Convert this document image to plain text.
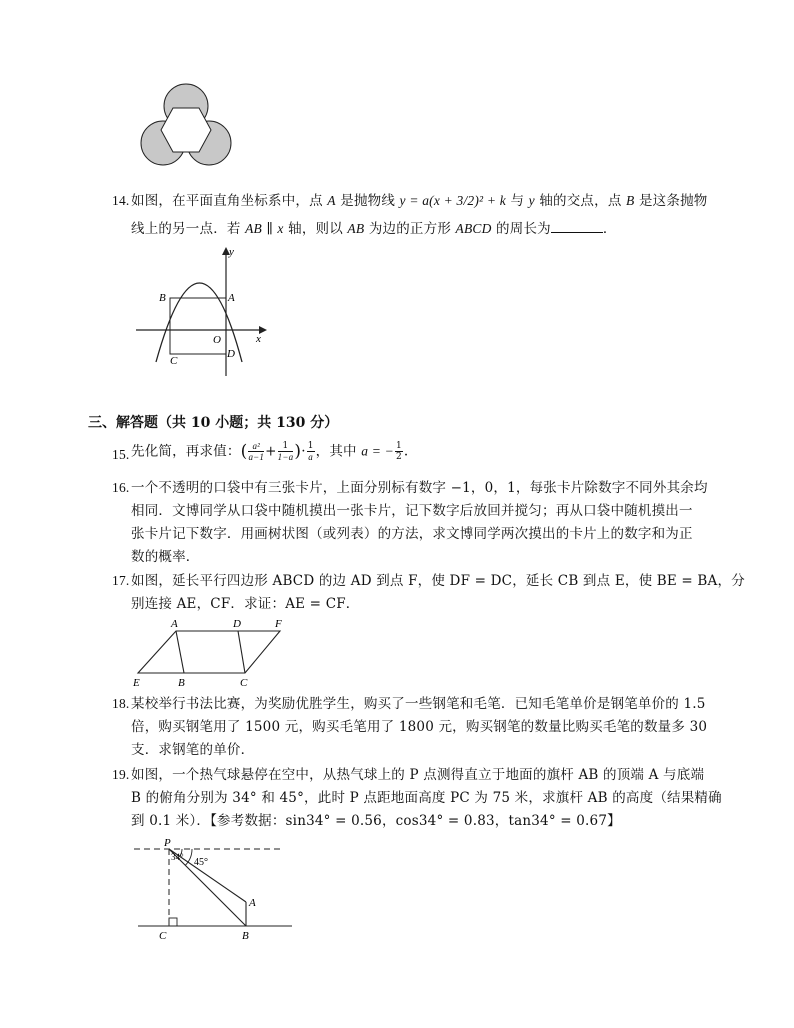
14. 如图，在平面直角坐标系中，点 A 是抛物线 y = a(x + 3/2)² + k 与 y 轴的交点，点 B 是这条抛物
线上的另一点．若 AB ∥ x 轴，则以 AB 为边的正方形 ABCD 的周长为	．
y
x
B	A
O
C
D
三、解答题（共 10 小题；共 130 分）
15. 先化简，再求值：( $\frac{\text{a²}}{a-1} + \frac{1}{1-a}$ )· $\frac{1}{a}$ ，其中 a = − $\frac{1}{2}$ .
16. 一个不透明的口袋中有三张卡片，上面分别标有数字 −1，0，1，每张卡片除数字不同外其余均
相同．文博同学从口袋中随机摸出一张卡片，记下数字后放回并搅匀；再从口袋中随机摸出一
张卡片记下数字．用画树状图（或列表）的方法，求文博同学两次摸出的卡片上的数字和为正
数的概率．
17. 如图，延长平行四边形 ABCD 的边 AD 到点 F，使 DF = DC，延长 CB 到点 E，使 BE = BA，分
别连接 AE，CF．求证：AE = CF．
A	D	F
E	B	C
18. 某校举行书法比赛，为奖励优胜学生，购买了一些钢笔和毛笔．已知毛笔单价是钢笔单价的 1.5
倍，购买钢笔用了 1500 元，购买毛笔用了 1800 元，购买钢笔的数量比购买毛笔的数量多 30
支．求钢笔的单价．
19. 如图，一个热气球悬停在空中，从热气球上的 P 点测得直立于地面的旗杆 AB 的顶端 A 与底端
B 的俯角分别为 34° 和 45°，此时 P 点距地面高度 PC 为 75 米，求旗杆 AB 的高度（结果精确
到 0.1 米）．【参考数据：sin34° = 0.56，cos34° = 0.83，tan34° = 0.67】
P
34° 45°
A
C	B
